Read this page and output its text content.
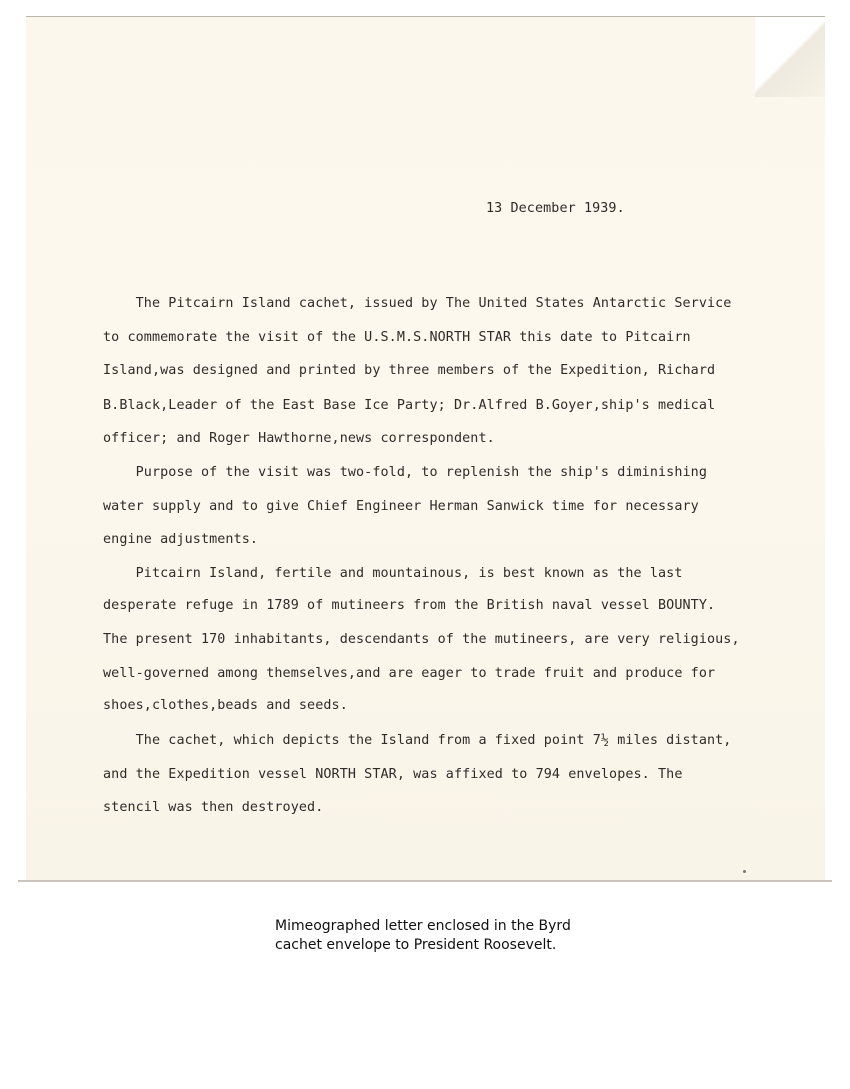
13 December 1939.
The Pitcairn Island cachet, issued by The United States Antarctic Service
to commemorate the visit of the U.S.M.S.NORTH STAR this date to Pitcairn
Island,was designed and printed by three members of the Expedition, Richard
B.Black,Leader of the East Base Ice Party; Dr.Alfred B.Goyer,ship's medical
officer; and Roger Hawthorne,news correspondent.
Purpose of the visit was two-fold, to replenish the ship's diminishing
water supply and to give Chief Engineer Herman Sanwick time for necessary
engine adjustments.
Pitcairn Island, fertile and mountainous, is best known as the last
desperate refuge in 1789 of mutineers from the British naval vessel BOUNTY.
The present 170 inhabitants, descendants of the mutineers, are very religious,
well-governed among themselves,and are eager to trade fruit and produce for
shoes,clothes,beads and seeds.
The cachet, which depicts the Island from a fixed point 7½ miles distant,
and the Expedition vessel NORTH STAR, was affixed to 794 envelopes. The
stencil was then destroyed.
Mimeographed letter enclosed in the Byrd
cachet envelope to President Roosevelt.
